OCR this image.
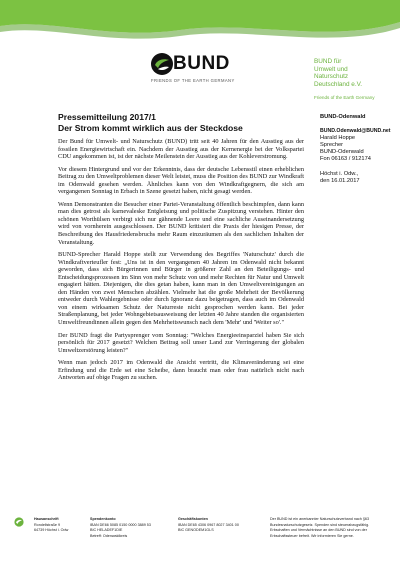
BUND
FRIENDS OF THE EARTH GERMANY
BUND für
Umwelt und
Naturschutz
Deutschland e.V.
Friends of the Earth Germany
Pressemitteilung 2017/1
Der Strom kommt wirklich aus der Steckdose

Der Bund für Umwelt- und Naturschutz (BUND) tritt seit 40 Jahren für den Ausstieg aus der fossilen Energiewirtschaft ein. Nachdem der Ausstieg aus der Kernenergie bei der Volkspartei CDU angekommen ist, ist der nächste Meilenstein der Ausstieg aus der Kohleverstromung.

Vor diesem Hintergrund und vor der Erkenntnis, dass der deutsche Lebensstil einen erheblichen Beitrag zu den Umweltproblemen dieser Welt leistet, muss die Position des BUND zur Windkraft im Odenwald gesehen werden. Ähnliches kann von den Windkraftgegnern, die sich am vergangenen Sonntag in Erbach in Szene gesetzt haben, nicht gesagt werden.

Wenn Demonstranten die Besucher einer Partei-Veranstaltung öffentlich beschimpfen, dann kann man dies getrost als karnevaleske Entgleisung und politische Zuspitzung verstehen. Hinter den schönen Worthülsen verbirgt sich nur gähnende Leere und eine sachliche Auseinandersetzung wird von vornherein ausgeschlossen. Der BUND kritisiert die Praxis der hiesigen Presse, der Beschreibung des Hausfriedensbruchs mehr Raum einzuräumen als den sachlichen Inhalten der Veranstaltung.

BUND-Sprecher Harald Hoppe stellt zur Verwendung des Begriffes 'Naturschutz' durch die Windkraftverteufler fest: „Uns ist in den vergangenen 40 Jahren im Odenwald nicht bekannt geworden, dass sich Bürgerinnen und Bürger in größerer Zahl an den Beteiligungs- und Entscheidungsprozessen im Sinn von mehr Schutz von und mehr Rechten für Natur und Umwelt engagiert hätten. Diejenigen, die dies getan haben, kann man in den Umweltvereinigungen an den Händen von zwei Menschen abzählen. Vielmehr hat die große Mehrheit der Bevölkerung entweder durch Wahlergebnisse oder durch Ignoranz dazu beigetragen, dass auch im Odenwald von einem wirksamen Schutz der Naturreste nicht gesprochen werden kann. Bei jeder Straßenplanung, bei jeder Wohngebietsausweisung der letzten 40 Jahre standen die organisierten Umweltfreundinnen allein gegen den Mehrheitswunsch nach dem 'Mehr' und 'Weiter so'."

Der BUND fragt die Partysprenger vom Sonntag: "Welches Energieeinsparziel haben Sie sich persönlich für 2017 gesetzt? Welchen Beitrag soll unser Land zur Verringerung der globalen Umweltzerstörung leisten?"

Wenn man jedoch 2017 im Odenwald die Ansicht vertritt, die Klimaveränderung sei eine Erfindung und die Erde sei eine Scheibe, dann braucht man oder frau natürlich nicht nach Antworten auf obige Fragen zu suchen.

BUND-Odenwald
BUND.Odenwald@BUND.net
Harald Hoppe
Sprecher
BUND-Odenwald
Fon 06163 / 912174
Höchst i. Odw.,
den 16.01.2017
Hausanschrift
Rondellstraße 9
64739 Höchst i. Odw
Spendenkonto
IBAN DE66 5085 0150 0000 3889 53
BIC HELADEF1DIE
Betreff: Odenwaldkreis
Geschäftskonten
IBAN DE65 4306 0967 8027 3401 00
BIC GENODEM1GLS
Der BUND ist ein anerkannter Naturschutzverband nach §63 Bundesnaturschutzgesetz. Spenden sind steuerabzugsfähig. Erbschaften und Vermächtnisse an den BUND sind von der Erbschaftssteuer befreit. Wir informieren Sie gerne.
